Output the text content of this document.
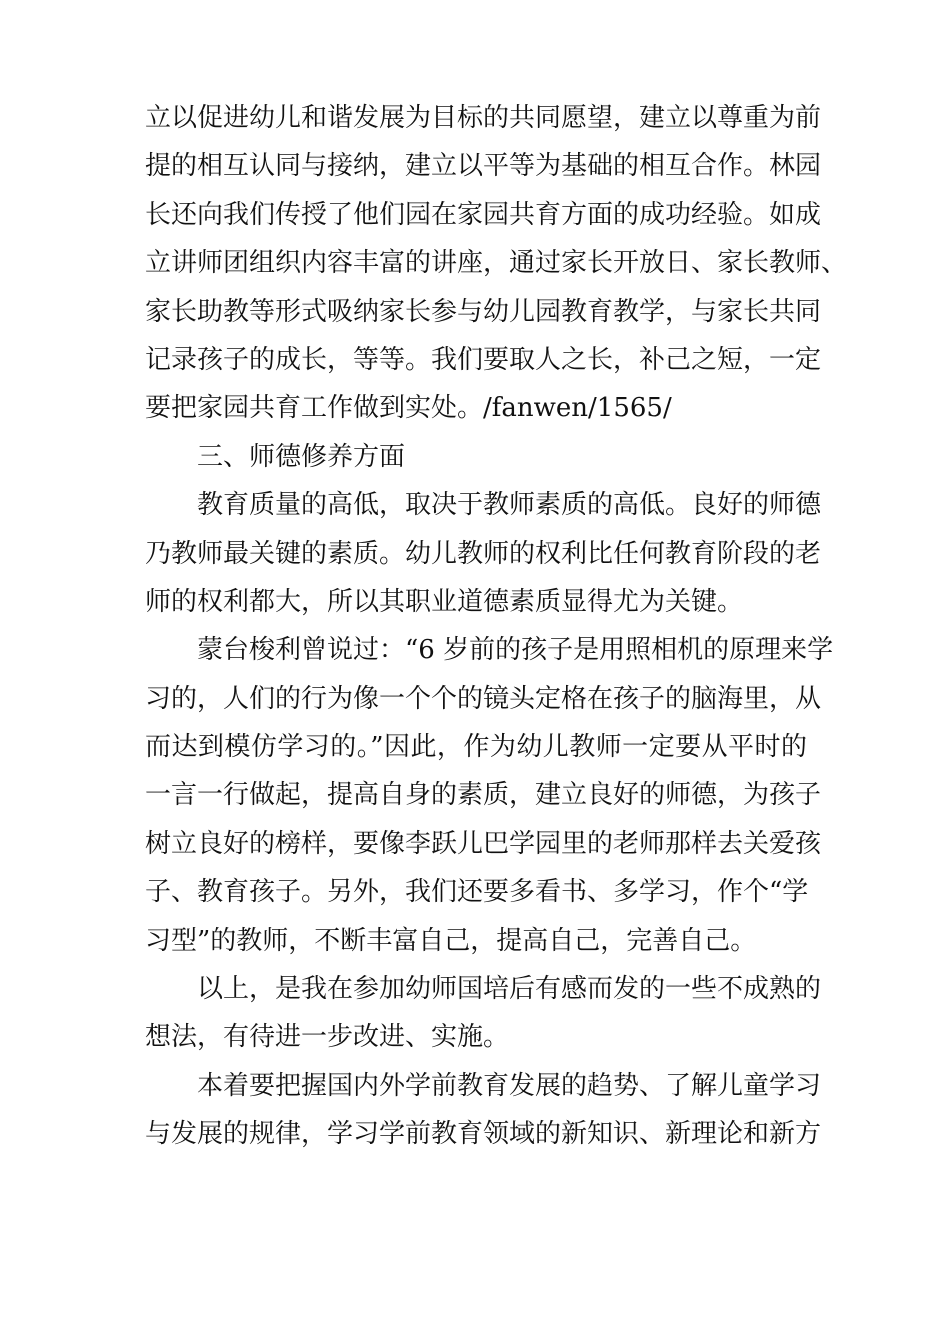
立以促进幼儿和谐发展为目标的共同愿望，建立以尊重为前
提的相互认同与接纳，建立以平等为基础的相互合作。林园
长还向我们传授了他们园在家园共育方面的成功经验。如成
立讲师团组织内容丰富的讲座，通过家长开放日、家长教师、
家长助教等形式吸纳家长参与幼儿园教育教学，与家长共同
记录孩子的成长，等等。我们要取人之长，补己之短，一定
要把家园共育工作做到实处。/fanwen/1565/
三、师德修养方面
教育质量的高低，取决于教师素质的高低。良好的师德
乃教师最关键的素质。幼儿教师的权利比任何教育阶段的老
师的权利都大，所以其职业道德素质显得尤为关键。
蒙台梭利曾说过：“6 岁前的孩子是用照相机的原理来学
习的，人们的行为像一个个的镜头定格在孩子的脑海里，从
而达到模仿学习的。”因此，作为幼儿教师一定要从平时的
一言一行做起，提高自身的素质，建立良好的师德，为孩子
树立良好的榜样，要像李跃儿巴学园里的老师那样去关爱孩
子、教育孩子。另外，我们还要多看书、多学习，作个“学
习型”的教师，不断丰富自己，提高自己，完善自己。
以上，是我在参加幼师国培后有感而发的一些不成熟的
想法，有待进一步改进、实施。
本着要把握国内外学前教育发展的趋势、了解儿童学习
与发展的规律，学习学前教育领域的新知识、新理论和新方
